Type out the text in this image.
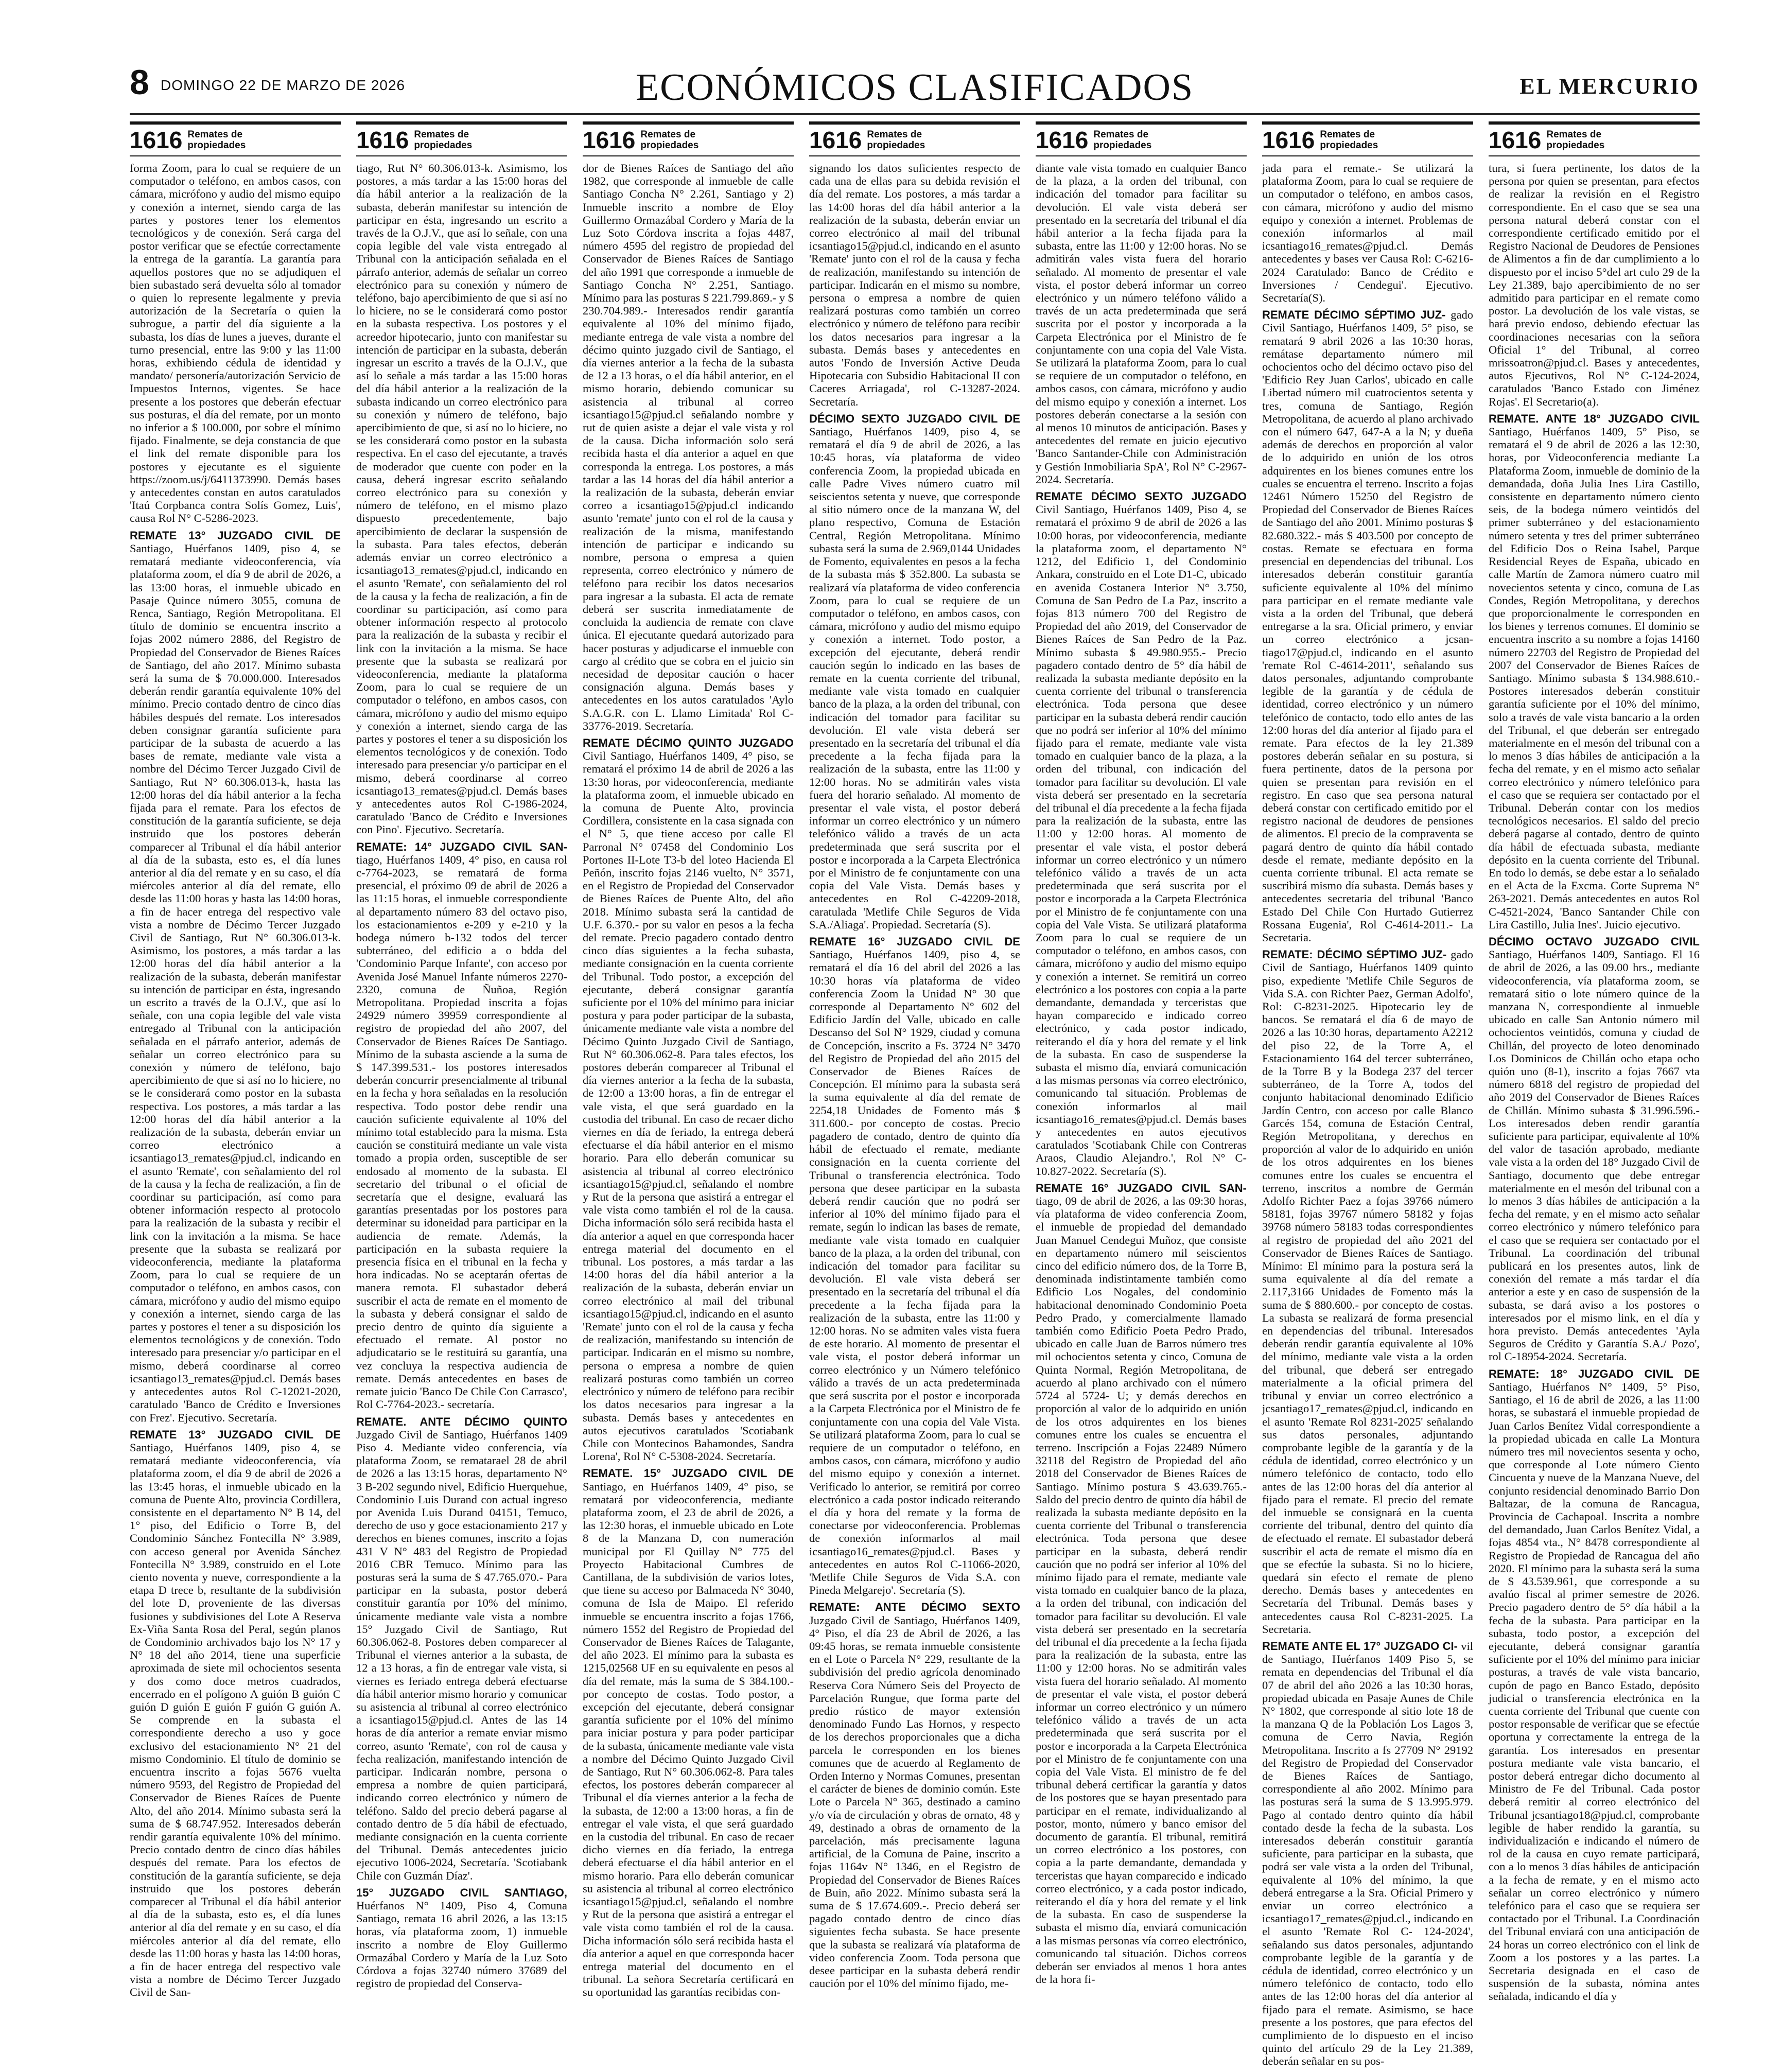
8 DOMINGO 22 DE MARZO DE 2026	ECONÓMICOS CLASIFICADOS	EL MERCURIO
1616 Remates de
propiedades

forma Zoom, para lo cual se requiere de un computador o teléfono, en ambos casos, con cámara, micrófono y audio del mismo equipo y conexión a internet, siendo carga de las partes y postores tener los elementos tecnológicos y de conexión. Será carga del postor verificar que se efectúe correctamente la entrega de la garantía. La garantía para aquellos postores que no se adjudiquen el bien subastado será devuelta sólo al tomador o quien lo represente legalmente y previa autorización de la Secretaría o quien la subrogue, a partir del día siguiente a la subasta, los días de lunes a jueves, durante el turno presencial, entre las 9:00 y las 11:00 horas, exhibiendo cédula de identidad y mandato/ personería/autorización Servicio de Impuestos Internos, vigentes. Se hace presente a los postores que deberán efectuar sus posturas, el día del remate, por un monto no inferior a $ 100.000, por sobre el mínimo fijado. Finalmente, se deja constancia de que el link del remate disponible para los postores y ejecutante es el siguiente https://zoom.us/j/6411373990. Demás bases y antecedentes constan en autos caratulados 'Itaú Corpbanca contra Solís Gomez, Luis', causa Rol N° C-5286-2023.

REMATE 13° JUZGADO CIVIL DE Santiago, Huérfanos 1409, piso 4, se rematará mediante videoconferencia, vía plataforma zoom, el día 9 de abril de 2026, a las 13:00 horas, el inmueble ubicado en Pasaje Quince número 3055, comuna de Renca, Santiago, Región Metropolitana. El título de dominio se encuentra inscrito a fojas 2002 número 2886, del Registro de Propiedad del Conservador de Bienes Raíces de Santiago, del año 2017. Mínimo subasta será la suma de $ 70.000.000. Interesados deberán rendir garantía equivalente 10% del mínimo. Precio contado dentro de cinco días hábiles después del remate. Los interesados deben consignar garantía suficiente para participar de la subasta de acuerdo a las bases de remate, mediante vale vista a nombre del Décimo Tercer Juzgado Civil de Santiago, Rut N° 60.306.013-k, hasta las 12:00 horas del día hábil anterior a la fecha fijada para el remate. Para los efectos de constitución de la garantía suficiente, se deja instruido que los postores deberán comparecer al Tribunal el día hábil anterior al día de la subasta, esto es, el día lunes anterior al día del remate y en su caso, el día miércoles anterior al día del remate, ello desde las 11:00 horas y hasta las 14:00 horas, a fin de hacer entrega del respectivo vale vista a nombre de Décimo Tercer Juzgado Civil de Santiago, Rut N° 60.306.013-k. Asimismo, los postores, a más tardar a las 12:00 horas del día hábil anterior a la realización de la subasta, deberán manifestar su intención de participar en ésta, ingresando un escrito a través de la O.J.V., que así lo señale, con una copia legible del vale vista entregado al Tribunal con la anticipación señalada en el párrafo anterior, además de señalar un correo electrónico para su conexión y número de teléfono, bajo apercibimiento de que si así no lo hiciere, no se le considerará como postor en la subasta respectiva. Los postores, a más tardar a las 12:00 horas del día hábil anterior a la realización de la subasta, deberán enviar un correo electrónico a icsantiago13_remates@pjud.cl, indicando en el asunto 'Remate', con señalamiento del rol de la causa y la fecha de realización, a fin de coordinar su participación, así como para obtener información respecto al protocolo para la realización de la subasta y recibir el link con la invitación a la misma. Se hace presente que la subasta se realizará por videoconferencia, mediante la plataforma Zoom, para lo cual se requiere de un computador o teléfono, en ambos casos, con cámara, micrófono y audio del mismo equipo y conexión a internet, siendo carga de las partes y postores el tener a su disposición los elementos tecnológicos y de conexión. Todo interesado para presenciar y/o participar en el mismo, deberá coordinarse al correo icsantiago13_remates@pjud.cl. Demás bases y antecedentes autos Rol C-12021-2020, caratulado 'Banco de Crédito e Inversiones con Frez'. Ejecutivo. Secretaría.

REMATE 13° JUZGADO CIVIL DE Santiago, Huérfanos 1409, piso 4, se rematará mediante videoconferencia, vía plataforma zoom, el día 9 de abril de 2026 a las 13:45 horas, el inmueble ubicado en la comuna de Puente Alto, provincia Cordillera, consistente en el departamento N° B 14, del 1° piso, del Edificio o Torre B, del Condominio Sánchez Fontecilla N° 3.989, con acceso general por Avenida Sánchez Fontecilla N° 3.989, construido en el Lote ciento noventa y nueve, correspondiente a la etapa D trece b, resultante de la subdivisión del lote D, proveniente de las diversas fusiones y subdivisiones del Lote A Reserva Ex-Viña Santa Rosa del Peral, según planos de Condominio archivados bajo los N° 17 y N° 18 del año 2014, tiene una superficie aproximada de siete mil ochocientos sesenta y dos como doce metros cuadrados, encerrado en el polígono A guión B guión C guión D guión E guión F guión G guión A. Se comprende en la subasta el correspondiente derecho a uso y goce exclusivo del estacionamiento N° 21 del mismo Condominio. El título de dominio se encuentra inscrito a fojas 5676 vuelta número 9593, del Registro de Propiedad del Conservador de Bienes Raíces de Puente Alto, del año 2014. Mínimo subasta será la suma de $ 68.747.952. Interesados deberán rendir garantía equivalente 10% del mínimo. Precio contado dentro de cinco días hábiles después del remate. Para los efectos de constitución de la garantía suficiente, se deja instruido que los postores deberán comparecer al Tribunal el día hábil anterior al día de la subasta, esto es, el día lunes anterior al día del remate y en su caso, el día miércoles anterior al día del remate, ello desde las 11:00 horas y hasta las 14:00 horas, a fin de hacer entrega del respectivo vale vista a nombre de Décimo Tercer Juzgado Civil de San-

1616 Remates de
propiedades

tiago, Rut N° 60.306.013-k. Asimismo, los postores, a más tardar a las 15:00 horas del día hábil anterior a la realización de la subasta, deberán manifestar su intención de participar en ésta, ingresando un escrito a través de la O.J.V., que así lo señale, con una copia legible del vale vista entregado al Tribunal con la anticipación señalada en el párrafo anterior, además de señalar un correo electrónico para su conexión y número de teléfono, bajo apercibimiento de que si así no lo hiciere, no se le considerará como postor en la subasta respectiva. Los postores y el acreedor hipotecario, junto con manifestar su intención de participar en la subasta, deberán ingresar un escrito a través de la O.J.V., que así lo señale a más tardar a las 15:00 horas del día hábil anterior a la realización de la subasta indicando un correo electrónico para su conexión y número de teléfono, bajo apercibimiento de que, si así no lo hiciere, no se les considerará como postor en la subasta respectiva. En el caso del ejecutante, a través de moderador que cuente con poder en la causa, deberá ingresar escrito señalando correo electrónico para su conexión y número de teléfono, en el mismo plazo dispuesto precedentemente, bajo apercibimiento de declarar la suspensión de la subasta. Para tales efectos, deberán además enviar un correo electrónico a icsantiago13_remates@pjud.cl, indicando en el asunto 'Remate', con señalamiento del rol de la causa y la fecha de realización, a fin de coordinar su participación, así como para obtener información respecto al protocolo para la realización de la subasta y recibir el link con la invitación a la misma. Se hace presente que la subasta se realizará por videoconferencia, mediante la plataforma Zoom, para lo cual se requiere de un computador o teléfono, en ambos casos, con cámara, micrófono y audio del mismo equipo y conexión a internet, siendo carga de las partes y postores el tener a su disposición los elementos tecnológicos y de conexión. Todo interesado para presenciar y/o participar en el mismo, deberá coordinarse al correo icsantiago13_remates@pjud.cl. Demás bases y antecedentes autos Rol C-1986-2024, caratulado 'Banco de Crédito e Inversiones con Pino'. Ejecutivo. Secretaría.

REMATE: 14° JUZGADO CIVIL SAN- tiago, Huérfanos 1409, 4° piso, en causa rol c-7764-2023, se rematará de forma presencial, el próximo 09 de abril de 2026 a las 11:15 horas, el inmueble correspondiente al departamento número 83 del octavo piso, los estacionamientos e-209 y e-210 y la bodega número b-132 todos del tercer subterráneo, del edificio a o bdda del 'Condominio Parque Infante', con acceso por Avenida José Manuel Infante números 2270-2320, comuna de Ñuñoa, Región Metropolitana. Propiedad inscrita a fojas 24929 número 39959 correspondiente al registro de propiedad del año 2007, del Conservador de Bienes Raíces De Santiago. Mínimo de la subasta asciende a la suma de $ 147.399.531.- los postores interesados deberán concurrir presencialmente al tribunal en la fecha y hora señaladas en la resolución respectiva. Todo postor debe rendir una caución suficiente equivalente al 10% del mínimo total establecido para la misma. Esta caución se constituirá mediante un vale vista tomado a propia orden, susceptible de ser endosado al momento de la subasta. El secretario del tribunal o el oficial de secretaría que el designe, evaluará las garantías presentadas por los postores para determinar su idoneidad para participar en la audiencia de remate. Además, la participación en la subasta requiere la presencia física en el tribunal en la fecha y hora indicadas. No se aceptarán ofertas de manera remota. El subastador deberá suscribir el acta de remate en el momento de la subasta y deberá consignar el saldo de precio dentro de quinto día siguiente a efectuado el remate. Al postor no adjudicatario se le restituirá su garantía, una vez concluya la respectiva audiencia de remate. Demás antecedentes en bases de remate juicio 'Banco De Chile Con Carrasco', Rol C-7764-2023.- secretaría.

REMATE. ANTE DÉCIMO QUINTO Juzgado Civil de Santiago, Huérfanos 1409 Piso 4. Mediante video conferencia, vía plataforma Zoom, se rematarael 28 de abril de 2026 a las 13:15 horas, departamento N° 3 B-202 segundo nivel, Edificio Huerquehue, Condominio Luis Durand con actual ingreso por Avenida Luis Durand 04151, Temuco, derecho de uso y goce estacionamiento 217 y derechos en bienes comunes, inscrito a fojas 431 V N° 483 del Registro de Propiedad 2016 CBR Temuco. Mínimo para las posturas será la suma de $ 47.765.070.- Para participar en la subasta, postor deberá constituir garantía por 10% del mínimo, únicamente mediante vale vista a nombre 15° Juzgado Civil de Santiago, Rut 60.306.062-8. Postores deben comparecer al Tribunal el viernes anterior a la subasta, de 12 a 13 horas, a fin de entregar vale vista, si viernes es feriado entrega deberá efectuarse día hábil anterior mismo horario y comunicar su asistencia al tribunal al correo electrónico a icsantiago15@pjud.cl. Antes de las 14 horas de día anterior a remate enviar mismo correo, asunto 'Remate', con rol de causa y fecha realización, manifestando intención de participar. Indicarán nombre, persona o empresa a nombre de quien participará, indicando correo electrónico y número de teléfono. Saldo del precio deberá pagarse al contado dentro de 5 día hábil de efectuado, mediante consignación en la cuenta corriente del Tribunal. Demás antecedentes juicio ejecutivo 1006-2024, Secretaría. 'Scotiabank Chile con Guzmán Díaz'.

15° JUZGADO CIVIL SANTIAGO, Huérfanos N° 1409, Piso 4, Comuna Santiago, remata 16 abril 2026, a las 13:15 horas, vía plataforma zoom, 1) inmueble inscrito a nombre de Eloy Guillermo Ormazábal Cordero y María de la Luz Soto Córdova a fojas 32740 número 37689 del registro de propiedad del Conserva-

1616 Remates de
propiedades

dor de Bienes Raíces de Santiago del año 1982, que corresponde al inmueble de calle Santiago Concha N° 2.261, Santiago y 2) Inmueble inscrito a nombre de Eloy Guillermo Ormazábal Cordero y María de la Luz Soto Córdova inscrita a fojas 4487, número 4595 del registro de propiedad del Conservador de Bienes Raíces de Santiago del año 1991 que corresponde a inmueble de Santiago Concha N° 2.251, Santiago. Mínimo para las posturas $ 221.799.869.- y $ 230.704.989.- Interesados rendir garantía equivalente al 10% del mínimo fijado, mediante entrega de vale vista a nombre del décimo quinto juzgado civil de Santiago, el día viernes anterior a la fecha de la subasta de 12 a 13 horas, o el día hábil anterior, en el mismo horario, debiendo comunicar su asistencia al tribunal al correo icsantiago15@pjud.cl señalando nombre y rut de quien asiste a dejar el vale vista y rol de la causa. Dicha información solo será recibida hasta el día anterior a aquel en que corresponda la entrega. Los postores, a más tardar a las 14 horas del día hábil anterior a la realización de la subasta, deberán enviar correo a icsantiago15@pjud.cl indicando asunto 'remate' junto con el rol de la causa y realización de la misma, manifestando intención de participar e indicando su nombre, persona o empresa a quien representa, correo electrónico y número de teléfono para recibir los datos necesarios para ingresar a la subasta. El acta de remate deberá ser suscrita inmediatamente de concluida la audiencia de remate con clave única. El ejecutante quedará autorizado para hacer posturas y adjudicarse el inmueble con cargo al crédito que se cobra en el juicio sin necesidad de depositar caución o hacer consignación alguna. Demás bases y antecedentes en los autos caratulados 'Aylo S.A.G.R. con L. Llamo Limitada' Rol C-33776-2019. Secretaría.

REMATE DÉCIMO QUINTO JUZGADO Civil Santiago, Huérfanos 1409, 4° piso, se rematará el próximo 14 de abril de 2026 a las 13:30 horas, por videoconferencia, mediante la plataforma zoom, el inmueble ubicado en la comuna de Puente Alto, provincia Cordillera, consistente en la casa signada con el N° 5, que tiene acceso por calle El Parronal N° 07458 del Condominio Los Portones II-Lote T3-b del loteo Hacienda El Peñón, inscrito fojas 2146 vuelto, N° 3571, en el Registro de Propiedad del Conservador de Bienes Raíces de Puente Alto, del año 2018. Mínimo subasta será la cantidad de U.F. 6.370.- por su valor en pesos a la fecha del remate. Precio pagadero contado dentro cinco días siguientes a la fecha subasta, mediante consignación en la cuenta corriente del Tribunal. Todo postor, a excepción del ejecutante, deberá consignar garantía suficiente por el 10% del mínimo para iniciar postura y para poder participar de la subasta, únicamente mediante vale vista a nombre del Décimo Quinto Juzgado Civil de Santiago, Rut N° 60.306.062-8. Para tales efectos, los postores deberán comparecer al Tribunal el día viernes anterior a la fecha de la subasta, de 12:00 a 13:00 horas, a fin de entregar el vale vista, el que será guardado en la custodia del tribunal. En caso de recaer dicho viernes en día de feriado, la entrega deberá efectuarse el día hábil anterior en el mismo horario. Para ello deberán comunicar su asistencia al tribunal al correo electrónico icsantiago15@pjud.cl, señalando el nombre y Rut de la persona que asistirá a entregar el vale vista como también el rol de la causa. Dicha información sólo será recibida hasta el día anterior a aquel en que corresponda hacer entrega material del documento en el tribunal. Los postores, a más tardar a las 14:00 horas del día hábil anterior a la realización de la subasta, deberán enviar un correo electrónico al mail del tribunal icsantiago15@pjud.cl, indicando en el asunto 'Remate' junto con el rol de la causa y fecha de realización, manifestando su intención de participar. Indicarán en el mismo su nombre, persona o empresa a nombre de quien realizará posturas como también un correo electrónico y número de teléfono para recibir los datos necesarios para ingresar a la subasta. Demás bases y antecedentes en autos ejecutivos caratulados 'Scotiabank Chile con Montecinos Bahamondes, Sandra Lorena', Rol N° C-5308-2024. Secretaría.

REMATE. 15° JUZGADO CIVIL DE Santiago, en Huérfanos 1409, 4° piso, se rematará por videoconferencia, mediante plataforma zoom, el 23 de abril de 2026, a las 12:30 horas, el inmueble ubicado en Lote 8 de la Manzana D, con numeración municipal por El Quillay N° 775 del Proyecto Habitacional Cumbres de Cantillana, de la subdivisión de varios lotes, que tiene su acceso por Balmaceda N° 3040, comuna de Isla de Maipo. El referido inmueble se encuentra inscrito a fojas 1766, número 1552 del Registro de Propiedad del Conservador de Bienes Raíces de Talagante, del año 2023. El mínimo para la subasta es 1215,02568 UF en su equivalente en pesos al día del remate, más la suma de $ 384.100.- por concepto de costas. Todo postor, a excepción del ejecutante, deberá consignar garantía suficiente por el 10% del mínimo para iniciar postura y para poder participar de la subasta, únicamente mediante vale vista a nombre del Décimo Quinto Juzgado Civil de Santiago, Rut N° 60.306.062-8. Para tales efectos, los postores deberán comparecer al Tribunal el día viernes anterior a la fecha de la subasta, de 12:00 a 13:00 horas, a fin de entregar el vale vista, el que será guardado en la custodia del tribunal. En caso de recaer dicho viernes en día feriado, la entrega deberá efectuarse el día hábil anterior en el mismo horario. Para ello deberán comunicar su asistencia al tribunal al correo electrónico icsantiago15@pjud.cl, señalando el nombre y Rut de la persona que asistirá a entregar el vale vista como también el rol de la causa. Dicha información sólo será recibida hasta el día anterior a aquel en que corresponda hacer entrega material del documento en el tribunal. La señora Secretaría certificará en su oportunidad las garantías recibidas con-

1616 Remates de
propiedades

signando los datos suficientes respecto de cada una de ellas para su debida revisión el día del remate. Los postores, a más tardar a las 14:00 horas del día hábil anterior a la realización de la subasta, deberán enviar un correo electrónico al mail del tribunal icsantiago15@pjud.cl, indicando en el asunto 'Remate' junto con el rol de la causa y fecha de realización, manifestando su intención de participar. Indicarán en el mismo su nombre, persona o empresa a nombre de quien realizará posturas como también un correo electrónico y número de teléfono para recibir los datos necesarios para ingresar a la subasta. Demás bases y antecedentes en autos 'Fondo de Inversión Active Deuda Hipotecaria con Subsidio Habitacional II con Caceres Arriagada', rol C-13287-2024. Secretaría.

DÉCIMO SEXTO JUZGADO CIVIL DE Santiago, Huérfanos 1409, piso 4, se rematará el día 9 de abril de 2026, a las 10:45 horas, vía plataforma de video conferencia Zoom, la propiedad ubicada en calle Padre Vives número cuatro mil seiscientos setenta y nueve, que corresponde al sitio número once de la manzana W, del plano respectivo, Comuna de Estación Central, Región Metropolitana. Mínimo subasta será la suma de 2.969,0144 Unidades de Fomento, equivalentes en pesos a la fecha de la subasta más $ 352.800. La subasta se realizará vía plataforma de video conferencia Zoom, para lo cual se requiere de un computador o teléfono, en ambos casos, con cámara, micrófono y audio del mismo equipo y conexión a internet. Todo postor, a excepción del ejecutante, deberá rendir caución según lo indicado en las bases de remate en la cuenta corriente del tribunal, mediante vale vista tomado en cualquier banco de la plaza, a la orden del tribunal, con indicación del tomador para facilitar su devolución. El vale vista deberá ser presentado en la secretaría del tribunal el día precedente a la fecha fijada para la realización de la subasta, entre las 11:00 y 12:00 horas. No se admitirán vales vista fuera del horario señalado. Al momento de presentar el vale vista, el postor deberá informar un correo electrónico y un número telefónico válido a través de un acta predeterminada que será suscrita por el postor e incorporada a la Carpeta Electrónica por el Ministro de fe conjuntamente con una copia del Vale Vista. Demás bases y antecedentes en Rol C-42209-2018, caratulada 'Metlife Chile Seguros de Vida S.A./Aliaga'. Propiedad. Secretaría (S).

REMATE 16° JUZGADO CIVIL DE Santiago, Huérfanos 1409, piso 4, se rematará el día 16 del abril del 2026 a las 10:30 horas vía plataforma de video conferencia Zoom la Unidad N° 30 que corresponde al Departamento N° 602 del Edificio Jardín del Valle, ubicado en calle Descanso del Sol N° 1929, ciudad y comuna de Concepción, inscrito a Fs. 3724 N° 3470 del Registro de Propiedad del año 2015 del Conservador de Bienes Raíces de Concepción. El mínimo para la subasta será la suma equivalente al día del remate de 2254,18 Unidades de Fomento más $ 311.600.- por concepto de costas. Precio pagadero de contado, dentro de quinto día hábil de efectuado el remate, mediante consignación en la cuenta corriente del Tribunal o transferencia electrónica. Todo persona que desee participar en la subasta deberá rendir caución que no podrá ser inferior al 10% del mínimo fijado para el remate, según lo indican las bases de remate, mediante vale vista tomado en cualquier banco de la plaza, a la orden del tribunal, con indicación del tomador para facilitar su devolución. El vale vista deberá ser presentado en la secretaría del tribunal el día precedente a la fecha fijada para la realización de la subasta, entre las 11:00 y 12:00 horas. No se admiten vales vista fuera de este horario. Al momento de presentar el vale vista, el postor deberá informar un correo electrónico y un Número telefónico válido a través de un acta predeterminada que será suscrita por el postor e incorporada a la Carpeta Electrónica por el Ministro de fe conjuntamente con una copia del Vale Vista. Se utilizará plataforma Zoom, para lo cual se requiere de un computador o teléfono, en ambos casos, con cámara, micrófono y audio del mismo equipo y conexión a internet. Verificado lo anterior, se remitirá por correo electrónico a cada postor indicado reiterando el día y hora del remate y la forma de conectarse por videoconferencia. Problemas de conexión informarlos al mail icsantiago16_remates@pjud.cl. Bases y antecedentes en autos Rol C-11066-2020, 'Metlife Chile Seguros de Vida S.A. con Pineda Melgarejo'. Secretaría (S).

REMATE: ANTE DÉCIMO SEXTO Juzgado Civil de Santiago, Huérfanos 1409, 4° Piso, el día 23 de Abril de 2026, a las 09:45 horas, se remata inmueble consistente en el Lote o Parcela N° 229, resultante de la subdivisión del predio agrícola denominado Reserva Cora Número Seis del Proyecto de Parcelación Rungue, que forma parte del predio rústico de mayor extensión denominado Fundo Las Hornos, y respecto de los derechos proporcionales que a dicha parcela le corresponden en los bienes comunes que de acuerdo al Reglamento de Orden Interno y Normas Comunes, presentan el carácter de bienes de dominio común. Este Lote o Parcela N° 365, destinado a camino y/o vía de circulación y obras de ornato, 48 y 49, destinado a obras de ornamento de la parcelación, más precisamente laguna artificial, de la Comuna de Paine, inscrito a fojas 1164v N° 1346, en el Registro de Propiedad del Conservador de Bienes Raíces de Buin, año 2022. Mínimo subasta será la suma de $ 17.674.609.-. Precio deberá ser pagado contado dentro de cinco días siguientes fecha subasta. Se hace presente que la subasta se realizará vía plataforma de video conferencia Zoom. Toda persona que desee participar en la subasta deberá rendir caución por el 10% del mínimo fijado, me-

1616 Remates de
propiedades

diante vale vista tomado en cualquier Banco de la plaza, a la orden del tribunal, con indicación del tomador para facilitar su devolución. El vale vista deberá ser presentado en la secretaría del tribunal el día hábil anterior a la fecha fijada para la subasta, entre las 11:00 y 12:00 horas. No se admitirán vales vista fuera del horario señalado. Al momento de presentar el vale vista, el postor deberá informar un correo electrónico y un número teléfono válido a través de un acta predeterminada que será suscrita por el postor y incorporada a la Carpeta Electrónica por el Ministro de fe conjuntamente con una copia del Vale Vista. Se utilizará la plataforma Zoom, para lo cual se requiere de un computador o teléfono, en ambos casos, con cámara, micrófono y audio del mismo equipo y conexión a internet. Los postores deberán conectarse a la sesión con al menos 10 minutos de anticipación. Bases y antecedentes del remate en juicio ejecutivo 'Banco Santander-Chile con Administración y Gestión Inmobiliaria SpA', Rol N° C-2967-2024. Secretaría.

REMATE DÉCIMO SEXTO JUZGADO Civil Santiago, Huérfanos 1409, Piso 4, se rematará el próximo 9 de abril de 2026 a las 10:00 horas, por videoconferencia, mediante la plataforma zoom, el departamento N° 1212, del Edificio 1, del Condominio Ankara, construido en el Lote D1-C, ubicado en avenida Costanera Interior N° 3.750, Comuna de San Pedro de La Paz, inscrito a fojas 813 número 700 del Registro de Propiedad del año 2019, del Conservador de Bienes Raíces de San Pedro de la Paz. Mínimo subasta $ 49.980.955.- Precio pagadero contado dentro de 5° día hábil de realizada la subasta mediante depósito en la cuenta corriente del tribunal o transferencia electrónica. Toda persona que desee participar en la subasta deberá rendir caución que no podrá ser inferior al 10% del mínimo fijado para el remate, mediante vale vista tomado en cualquier banco de la plaza, a la orden del tribunal, con indicación del tomador para facilitar su devolución. El vale vista deberá ser presentado en la secretaría del tribunal el día precedente a la fecha fijada para la realización de la subasta, entre las 11:00 y 12:00 horas. Al momento de presentar el vale vista, el postor deberá informar un correo electrónico y un número telefónico válido a través de un acta predeterminada que será suscrita por el postor e incorporada a la Carpeta Electrónica por el Ministro de fe conjuntamente con una copia del Vale Vista. Se utilizará plataforma Zoom para lo cual se requiere de un computador o teléfono, en ambos casos, con cámara, micrófono y audio del mismo equipo y conexión a internet. Se remitirá un correo electrónico a los postores con copia a la parte demandante, demandada y terceristas que hayan comparecido e indicado correo electrónico, y cada postor indicado, reiterando el día y hora del remate y el link de la subasta. En caso de suspenderse la subasta el mismo día, enviará comunicación a las mismas personas vía correo electrónico, comunicando tal situación. Problemas de conexión informarlos al mail icsantiago16_remates@pjud.cl. Demás bases y antecedentes en autos ejecutivos caratulados 'Scotiabank Chile con Contreras Araos, Claudio Alejandro.', Rol N° C-10.827-2022. Secretaría (S).

REMATE 16° JUZGADO CIVIL SAN- tiago, 09 de abril de 2026, a las 09:30 horas, vía plataforma de video conferencia Zoom, el inmueble de propiedad del demandado Juan Manuel Cendegui Muñoz, que consiste en departamento número mil seiscientos cinco del edificio número dos, de la Torre B, denominada indistintamente también como Edificio Los Nogales, del condominio habitacional denominado Condominio Poeta Pedro Prado, y comercialmente llamado también como Edificio Poeta Pedro Prado, ubicado en calle Juan de Barros número tres mil ochocientos setenta y cinco, Comuna de Quinta Normal, Región Metropolitana, de acuerdo al plano archivado con el número 5724 al 5724- U; y demás derechos en proporción al valor de lo adquirido en unión de los otros adquirentes en los bienes comunes entre los cuales se encuentra el terreno. Inscripción a Fojas 22489 Número 32118 del Registro de Propiedad del año 2018 del Conservador de Bienes Raíces de Santiago. Mínimo postura $ 43.639.765.- Saldo del precio dentro de quinto día hábil de realizada la subasta mediante depósito en la cuenta corriente del Tribunal o transferencia electrónica. Toda persona que desee participar en la subasta, deberá rendir caución que no podrá ser inferior al 10% del mínimo fijado para el remate, mediante vale vista tomado en cualquier banco de la plaza, a la orden del tribunal, con indicación del tomador para facilitar su devolución. El vale vista deberá ser presentado en la secretaría del tribunal el día precedente a la fecha fijada para la realización de la subasta, entre las 11:00 y 12:00 horas. No se admitirán vales vista fuera del horario señalado. Al momento de presentar el vale vista, el postor deberá informar un correo electrónico y un número telefónico válido a través de un acta predeterminada que será suscrita por el postor e incorporada a la Carpeta Electrónica por el Ministro de fe conjuntamente con una copia del Vale Vista. El ministro de fe del tribunal deberá certificar la garantía y datos de los postores que se hayan presentado para participar en el remate, individualizando al postor, monto, número y banco emisor del documento de garantía. El tribunal, remitirá un correo electrónico a los postores, con copia a la parte demandante, demandada y terceristas que hayan comparecido e indicado correo electrónico, y a cada postor indicado, reiterando el día y hora del remate y el link de la subasta. En caso de suspenderse la subasta el mismo día, enviará comunicación a las mismas personas vía correo electrónico, comunicando tal situación. Dichos correos deberán ser enviados al menos 1 hora antes de la hora fi-

1616 Remates de
propiedades

jada para el remate.- Se utilizará la plataforma Zoom, para lo cual se requiere de un computador o teléfono, en ambos casos, con cámara, micrófono y audio del mismo equipo y conexión a internet. Problemas de conexión informarlos al mail icsantiago16_remates@pjud.cl. Demás antecedentes y bases ver Causa Rol: C-6216-2024 Caratulado: Banco de Crédito e Inversiones / Cendegui'. Ejecutivo. Secretaría(S).

REMATE DÉCIMO SÉPTIMO JUZ- gado Civil Santiago, Huérfanos 1409, 5° piso, se rematará 9 abril 2026 a las 10:30 horas, remátase departamento número mil ochocientos ocho del décimo octavo piso del 'Edificio Rey Juan Carlos', ubicado en calle Libertad número mil cuatrocientos setenta y tres, comuna de Santiago, Región Metropolitana, de acuerdo al plano archivado con el número 647, 647-A a la N; y dueña además de derechos en proporción al valor de lo adquirido en unión de los otros adquirentes en los bienes comunes entre los cuales se encuentra el terreno. Inscrito a fojas 12461 Número 15250 del Registro de Propiedad del Conservador de Bienes Raíces de Santiago del año 2001. Mínimo posturas $ 82.680.322.- más $ 403.500 por concepto de costas. Remate se efectuara en forma presencial en dependencias del tribunal. Los interesados deberán constituir garantía suficiente equivalente al 10% del mínimo para participar en el remate mediante vale vista a la orden del Tribunal, que deberá entregarse a la sra. Oficial primero, y enviar un correo electrónico a jcsan-tiago17@pjud.cl, indicando en el asunto 'remate Rol C-4614-2011', señalando sus datos personales, adjuntando comprobante legible de la garantía y de cédula de identidad, correo electrónico y un número telefónico de contacto, todo ello antes de las 12:00 horas del día anterior al fijado para el remate. Para efectos de la ley 21.389 postores deberán señalar en su postura, si fuera pertinente, datos de la persona por quien se presentan para revisión en el registro. En caso que sea persona natural deberá constar con certificado emitido por el registro nacional de deudores de pensiones de alimentos. El precio de la compraventa se pagará dentro de quinto día hábil contado desde el remate, mediante depósito en la cuenta corriente tribunal. El acta remate se suscribirá mismo día subasta. Demás bases y antecedentes secretaria del tribunal 'Banco Estado Del Chile Con Hurtado Gutierrez Rossana Eugenia', Rol C-4614-2011.- La Secretaria.

REMATE: DÉCIMO SÉPTIMO JUZ- gado Civil de Santiago, Huérfanos 1409 quinto piso, expediente 'Metlife Chile Seguros de Vida S.A. con Richter Paez, German Adolfo', Rol: C-8231-2025. Hipotecario ley de bancos. Se rematará el día 6 de mayo de 2026 a las 10:30 horas, departamento A2212 del piso 22, de la Torre A, el Estacionamiento 164 del tercer subterráneo, de la Torre B y la Bodega 237 del tercer subterráneo, de la Torre A, todos del conjunto habitacional denominado Edificio Jardín Centro, con acceso por calle Blanco Garcés 154, comuna de Estación Central, Región Metropolitana, y derechos en proporción al valor de lo adquirido en unión de los otros adquirentes en los bienes comunes entre los cuales se encuentra el terreno, inscritos a nombre de Germán Adolfo Richter Paez a fojas 39766 número 58181, fojas 39767 número 58182 y fojas 39768 número 58183 todas correspondientes al registro de propiedad del año 2021 del Conservador de Bienes Raíces de Santiago. Mínimo: El mínimo para la postura será la suma equivalente al día del remate a 2.117,3166 Unidades de Fomento más la suma de $ 880.600.- por concepto de costas. La subasta se realizará de forma presencial en dependencias del tribunal. Interesados deberán rendir garantía equivalente al 10% del mínimo, mediante vale vista a la orden del tribunal, que deberá ser entregado materialmente a la oficial primera del tribunal y enviar un correo electrónico a jcsantiago17_remates@pjud.cl, indicando en el asunto 'Remate Rol 8231-2025' señalando sus datos personales, adjuntando comprobante legible de la garantía y de la cédula de identidad, correo electrónico y un número telefónico de contacto, todo ello antes de las 12:00 horas del día anterior al fijado para el remate. El precio del remate del inmueble se consignará en la cuenta corriente del tribunal, dentro del quinto día de efectuado el remate. El subastador deberá suscribir el acta de remate el mismo día en que se efectúe la subasta. Si no lo hiciere, quedará sin efecto el remate de pleno derecho. Demás bases y antecedentes en Secretaría del Tribunal. Demás bases y antecedentes causa Rol C-8231-2025. La Secretaria.

REMATE ANTE EL 17° JUZGADO CI- vil de Santiago, Huérfanos 1409 Piso 5, se remata en dependencias del Tribunal el día 07 de abril del año 2026 a las 10:30 horas, propiedad ubicada en Pasaje Aunes de Chile N° 1802, que corresponde al sitio lote 18 de la manzana Q de la Población Los Lagos 3, comuna de Cerro Navia, Región Metropolitana. Inscrito a fs 27709 N° 29192 del Registro de Propiedad del Conservador de Bienes Raíces de Santiago, correspondiente al año 2002. Mínimo para las posturas será la suma de $ 13.995.979. Pago al contado dentro quinto día hábil contado desde la fecha de la subasta. Los interesados deberán constituir garantía suficiente, para participar en la subasta, que podrá ser vale vista a la orden del Tribunal, equivalente al 10% del mínimo, la que deberá entregarse a la Sra. Oficial Primero y enviar un correo electrónico a icsantiago17_remates@pjud.cl., indicando en el asunto 'Remate Rol C- 124-2024', señalando sus datos personales, adjuntando comprobante legible de la garantía y de cédula de identidad, correo electrónico y un número telefónico de contacto, todo ello antes de las 12:00 horas del día anterior al fijado para el remate. Asimismo, se hace presente a los postores, que para efectos del cumplimiento de lo dispuesto en el inciso quinto del artículo 29 de la Ley 21.389, deberán señalar en su pos-

1616 Remates de
propiedades

tura, si fuera pertinente, los datos de la persona por quien se presentan, para efectos de realizar la revisión en el Registro correspondiente. En el caso que se sea una persona natural deberá constar con el correspondiente certificado emitido por el Registro Nacional de Deudores de Pensiones de Alimentos a fin de dar cumplimiento a lo dispuesto por el inciso 5°del art culo 29 de la Ley 21.389, bajo apercibimiento de no ser admitido para participar en el remate como postor. La devolución de los vale vistas, se hará previo endoso, debiendo efectuar las coordinaciones necesarias con la señora Oficial 1° del Tribunal, al correo mrissoatron@pjud.cl. Bases y antecedentes, autos Ejecutivos, Rol N° C-124-2024, caratulados 'Banco Estado con Jiménez Rojas'. El Secretario(a).

REMATE. ANTE 18° JUZGADO CIVIL Santiago, Huérfanos 1409, 5° Piso, se rematará el 9 de abril de 2026 a las 12:30, horas, por Videoconferencia mediante La Plataforma Zoom, inmueble de dominio de la demandada, doña Julia Ines Lira Castillo, consistente en departamento número ciento seis, de la bodega número veintidós del primer subterráneo y del estacionamiento número setenta y tres del primer subterráneo del Edificio Dos o Reina Isabel, Parque Residencial Reyes de España, ubicado en calle Martín de Zamora número cuatro mil novecientos setenta y cinco, comuna de Las Condes, Región Metropolitana, y derechos que proporcionalmente le corresponden en los bienes y terrenos comunes. El dominio se encuentra inscrito a su nombre a fojas 14160 número 22703 del Registro de Propiedad del 2007 del Conservador de Bienes Raíces de Santiago. Mínimo subasta $ 134.988.610.- Postores interesados deberán constituir garantía suficiente por el 10% del mínimo, solo a través de vale vista bancario a la orden del Tribunal, el que deberán ser entregado materialmente en el mesón del tribunal con a lo menos 3 días hábiles de anticipación a la fecha del remate, y en el mismo acto señalar correo electrónico y número telefónico para el caso que se requiera ser contactado por el Tribunal. Deberán contar con los medios tecnológicos necesarios. El saldo del precio deberá pagarse al contado, dentro de quinto día hábil de efectuada subasta, mediante depósito en la cuenta corriente del Tribunal. En todo lo demás, se debe estar a lo señalado en el Acta de la Excma. Corte Suprema N° 263-2021. Demás antecedentes en autos Rol C-4521-2024, 'Banco Santander Chile con Lira Castillo, Julia Ines'. Juicio ejecutivo.

DÉCIMO OCTAVO JUZGADO CIVIL Santiago, Huérfanos 1409, Santiago. El 16 de abril de 2026, a las 09.00 hrs., mediante videoconferencia, vía plataforma zoom, se rematará sitio o lote número quince de la manzana N, correspondiente al inmueble ubicado en calle San Antonio número mil ochocientos veintidós, comuna y ciudad de Chillán, del proyecto de loteo denominado Los Dominicos de Chillán ocho etapa ocho quión uno (8-1), inscrito a fojas 7667 vta número 6818 del registro de propiedad del año 2019 del Conservador de Bienes Raíces de Chillán. Mínimo subasta $ 31.996.596.-Los interesados deben rendir garantía suficiente para participar, equivalente al 10% del valor de tasación aprobado, mediante vale vista a la orden del 18° Juzgado Civil de Santiago, documento que debe entregar materialmente en el mesón del tribunal con a lo menos 3 días hábiles de anticipación a la fecha del remate, y en el mismo acto señalar correo electrónico y número telefónico para el caso que se requiera ser contactado por el Tribunal. La coordinación del tribunal publicará en los presentes autos, link de conexión del remate a más tardar el día anterior a este y en caso de suspensión de la subasta, se dará aviso a los postores o interesados por el mismo link, en el día y hora previsto. Demás antecedentes 'Ayla Seguros de Crédito y Garantía S.A./ Pozo', rol C-18954-2024. Secretaría.

REMATE: 18° JUZGADO CIVIL DE Santiago, Huérfanos N° 1409, 5° Piso, Santiago, el 16 de abril de 2026, a las 11:00 horas, se subastará el inmueble propiedad de Juan Carlos Benítez Vidal correspondiente a la propiedad ubicada en calle La Montura número tres mil novecientos sesenta y ocho, que corresponde al Lote número Ciento Cincuenta y nueve de la Manzana Nueve, del conjunto residencial denominado Barrio Don Baltazar, de la comuna de Rancagua, Provincia de Cachapoal. Inscrita a nombre del demandado, Juan Carlos Benítez Vidal, a fojas 4854 vta., N° 8478 correspondiente al Registro de Propiedad de Rancagua del año 2020. El mínimo para la subasta será la suma de $ 43.539.961, que corresponde a su avalúo fiscal al primer semestre de 2026. Precio pagadero dentro de 5° día hábil a la fecha de la subasta. Para participar en la subasta, todo postor, a excepción del ejecutante, deberá consignar garantía suficiente por el 10% del mínimo para iniciar posturas, a través de vale vista bancario, cupón de pago en Banco Estado, depósito judicial o transferencia electrónica en la cuenta corriente del Tribunal que cuente con postor responsable de verificar que se efectúe oportuna y correctamente la entrega de la garantía. Los interesados en presentar postura mediante vale vista bancario, el postor deberá entregar dicho documento al Ministro de Fe del Tribunal. Cada postor deberá remitir al correo electrónico del Tribunal jcsantiago18@pjud.cl, comprobante legible de haber rendido la garantía, su individualización e indicando el número de rol de la causa en cuyo remate participará, con a lo menos 3 días hábiles de anticipación a la fecha de remate, y en el mismo acto señalar un correo electrónico y número telefónico para el caso que se requiera ser contactado por el Tribunal. La Coordinación del Tribunal enviará con una anticipación de 24 horas un correo electrónico con el link de Zoom a los postores y a las partes. La Secretaria designada en el caso de suspensión de la subasta, nómina antes señalada, indicando el día y
